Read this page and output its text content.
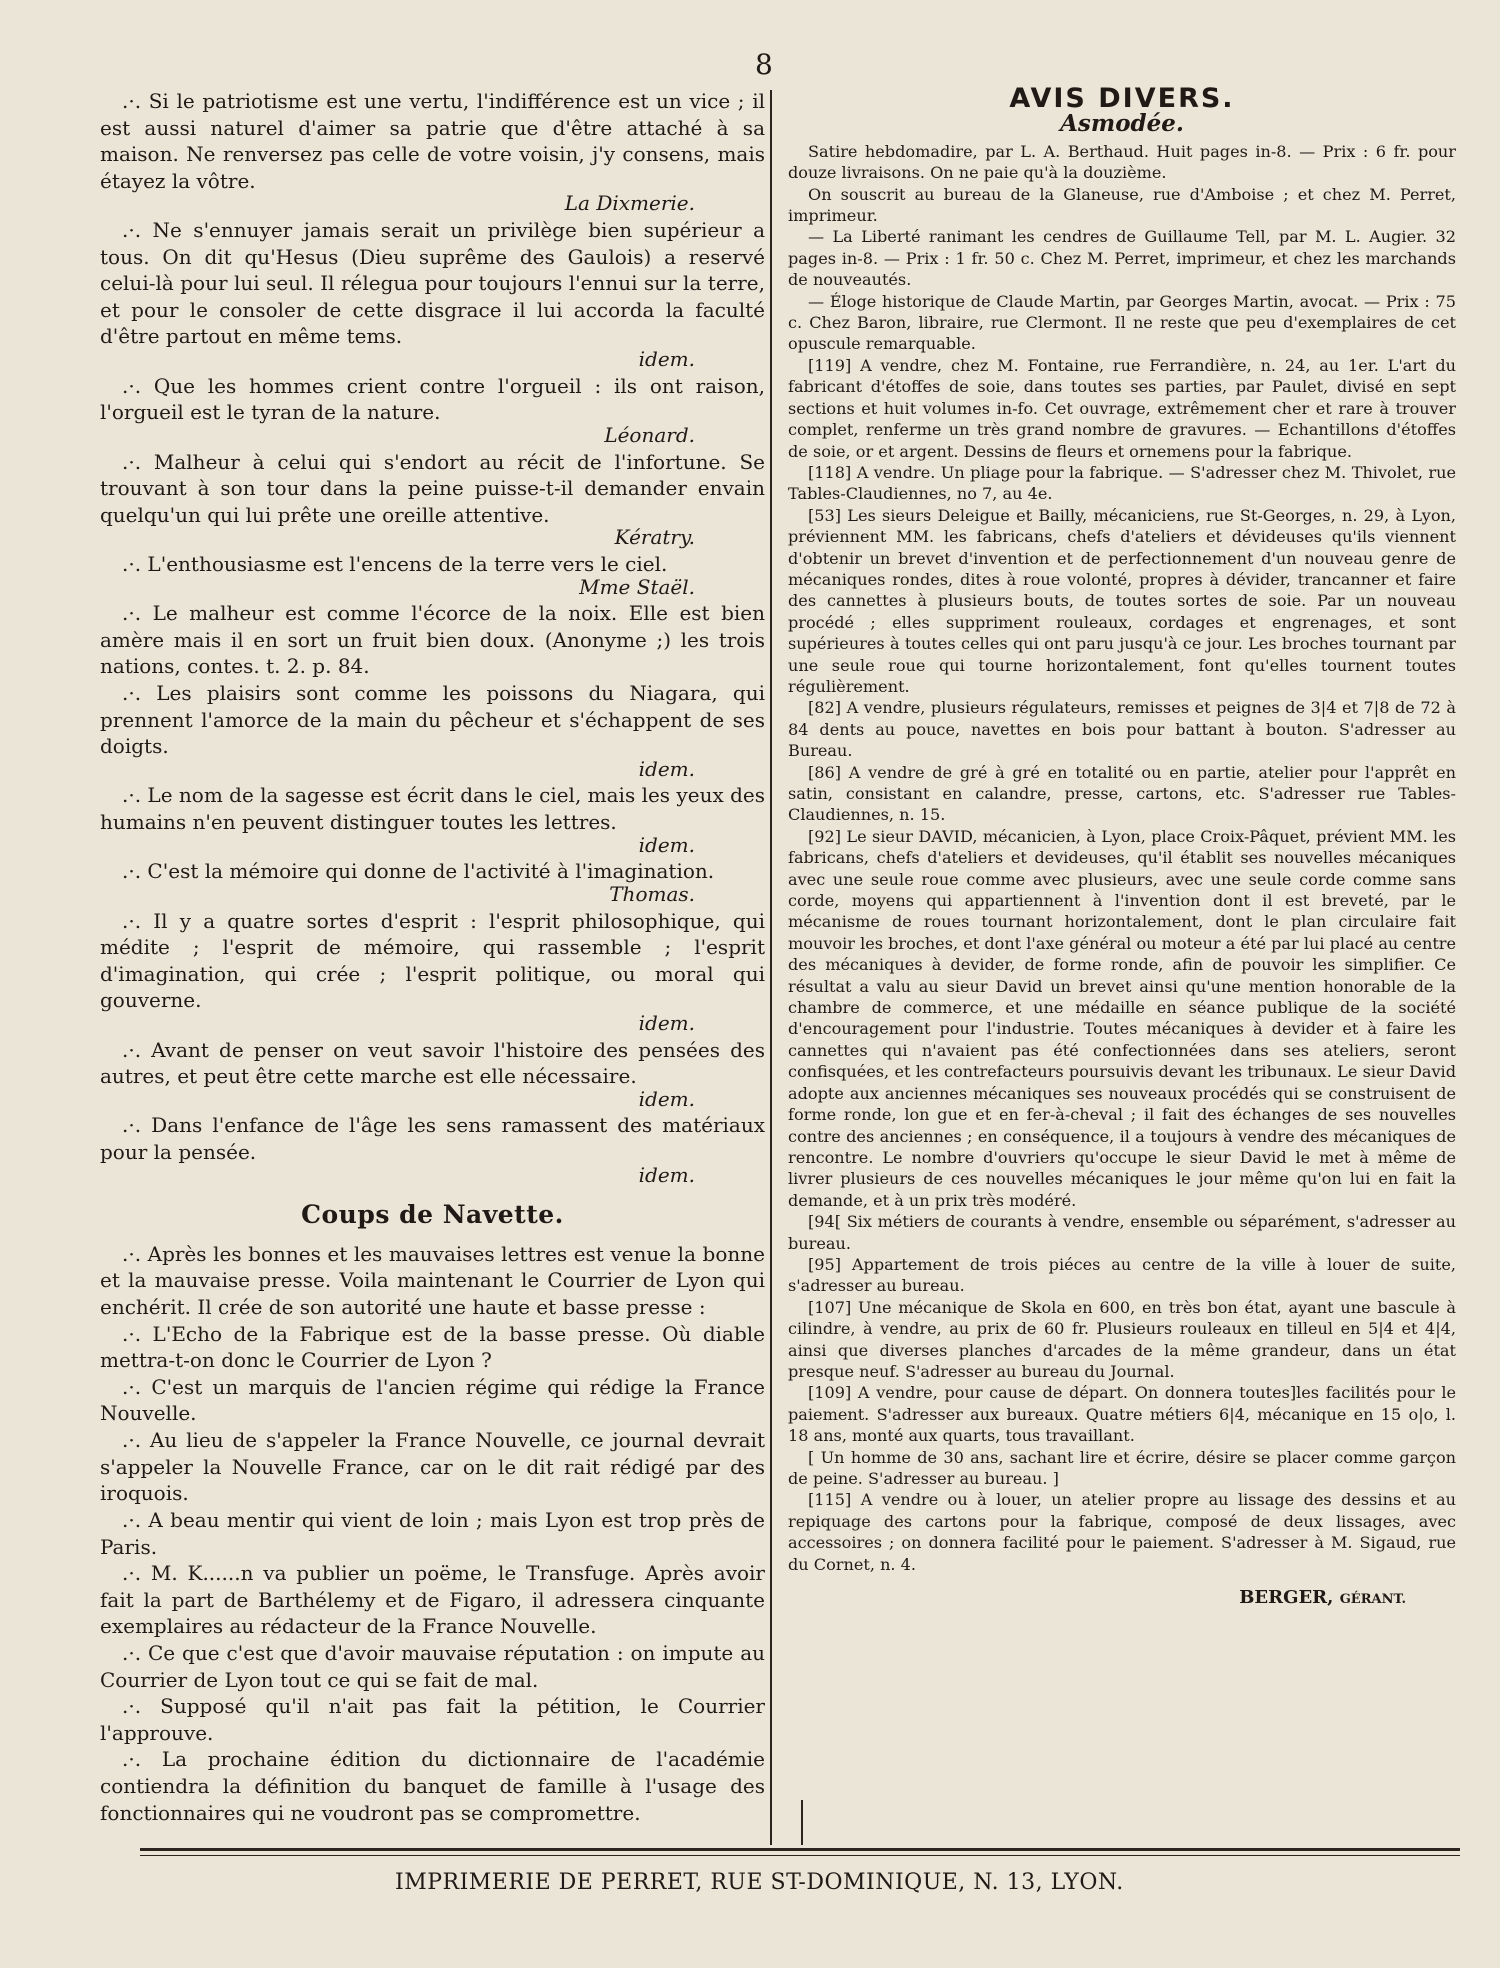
8

.·. Si le patriotisme est une vertu, l'indifférence est un vice ; il est aussi naturel d'aimer sa patrie que d'être attaché à sa maison. Ne renversez pas celle de votre voisin, j'y consens, mais étayez la vôtre.

La Dixmerie.

.·. Ne s'ennuyer jamais serait un privilège bien supérieur a tous. On dit qu'Hesus (Dieu suprême des Gaulois) a reservé celui-là pour lui seul. Il rélegua pour toujours l'ennui sur la terre, et pour le consoler de cette disgrace il lui accorda la faculté d'être partout en même tems.

idem.

.·. Que les hommes crient contre l'orgueil : ils ont raison, l'orgueil est le tyran de la nature.

Léonard.

.·. Malheur à celui qui s'endort au récit de l'infortune. Se trouvant à son tour dans la peine puisse-t-il demander envain quelqu'un qui lui prête une oreille attentive.

Kératry.

.·. L'enthousiasme est l'encens de la terre vers le ciel.

Mme Staël.

.·. Le malheur est comme l'écorce de la noix. Elle est bien amère mais il en sort un fruit bien doux. (Anonyme ;) les trois nations, contes. t. 2. p. 84.

.·. Les plaisirs sont comme les poissons du Niagara, qui prennent l'amorce de la main du pêcheur et s'échappent de ses doigts.

idem.

.·. Le nom de la sagesse est écrit dans le ciel, mais les yeux des humains n'en peuvent distinguer toutes les lettres.

idem.

.·. C'est la mémoire qui donne de l'activité à l'imagination.

Thomas.

.·. Il y a quatre sortes d'esprit : l'esprit philosophique, qui médite ; l'esprit de mémoire, qui rassemble ; l'esprit d'imagination, qui crée ; l'esprit politique, ou moral qui gouverne.

idem.

.·. Avant de penser on veut savoir l'histoire des pensées des autres, et peut être cette marche est elle nécessaire.

idem.

.·. Dans l'enfance de l'âge les sens ramassent des matériaux pour la pensée.

idem.

Coups de Navette.

.·. Après les bonnes et les mauvaises lettres est venue la bonne et la mauvaise presse. Voila maintenant le Courrier de Lyon qui enchérit. Il crée de son autorité une haute et basse presse :

.·. L'Echo de la Fabrique est de la basse presse. Où diable mettra-t-on donc le Courrier de Lyon ?

.·. C'est un marquis de l'ancien régime qui rédige la France Nouvelle.

.·. Au lieu de s'appeler la France Nouvelle, ce journal devrait s'appeler la Nouvelle France, car on le dit rait rédigé par des iroquois.

.·. A beau mentir qui vient de loin ; mais Lyon est trop près de Paris.

.·. M. K......n va publier un poëme, le Transfuge. Après avoir fait la part de Barthélemy et de Figaro, il adressera cinquante exemplaires au rédacteur de la France Nouvelle.

.·. Ce que c'est que d'avoir mauvaise réputation : on impute au Courrier de Lyon tout ce qui se fait de mal.

.·. Supposé qu'il n'ait pas fait la pétition, le Courrier l'approuve.

.·. La prochaine édition du dictionnaire de l'académie contiendra la définition du banquet de famille à l'usage des fonctionnaires qui ne voudront pas se compromettre.

AVIS DIVERS.
Asmodée.

Satire hebdomadire, par L. A. Berthaud. Huit pages in-8. — Prix : 6 fr. pour douze livraisons. On ne paie qu'à la douzième.

On souscrit au bureau de la Glaneuse, rue d'Amboise ; et chez M. Perret, imprimeur.

— La Liberté ranimant les cendres de Guillaume Tell, par M. L. Augier. 32 pages in-8. — Prix : 1 fr. 50 c. Chez M. Perret, imprimeur, et chez les marchands de nouveautés.

— Éloge historique de Claude Martin, par Georges Martin, avocat. — Prix : 75 c. Chez Baron, libraire, rue Clermont. Il ne reste que peu d'exemplaires de cet opuscule remarquable.

[119] A vendre, chez M. Fontaine, rue Ferrandière, n. 24, au 1er. L'art du fabricant d'étoffes de soie, dans toutes ses parties, par Paulet, divisé en sept sections et huit volumes in-fo. Cet ouvrage, extrêmement cher et rare à trouver complet, renferme un très grand nombre de gravures. — Echantillons d'étoffes de soie, or et argent. Dessins de fleurs et ornemens pour la fabrique.

[118] A vendre. Un pliage pour la fabrique. — S'adresser chez M. Thivolet, rue Tables-Claudiennes, no 7, au 4e.

[53] Les sieurs Deleigue et Bailly, mécaniciens, rue St-Georges, n. 29, à Lyon, préviennent MM. les fabricans, chefs d'ateliers et dévideuses qu'ils viennent d'obtenir un brevet d'invention et de perfectionnement d'un nouveau genre de mécaniques rondes, dites à roue volonté, propres à dévider, trancanner et faire des cannettes à plusieurs bouts, de toutes sortes de soie. Par un nouveau procédé ; elles suppriment rouleaux, cordages et engrenages, et sont supérieures à toutes celles qui ont paru jusqu'à ce jour. Les broches tournant par une seule roue qui tourne horizontalement, font qu'elles tournent toutes régulièrement.

[82] A vendre, plusieurs régulateurs, remisses et peignes de 3|4 et 7|8 de 72 à 84 dents au pouce, navettes en bois pour battant à bouton. S'adresser au Bureau.

[86] A vendre de gré à gré en totalité ou en partie, atelier pour l'apprêt en satin, consistant en calandre, presse, cartons, etc. S'adresser rue Tables-Claudiennes, n. 15.

[92] Le sieur DAVID, mécanicien, à Lyon, place Croix-Pâquet, prévient MM. les fabricans, chefs d'ateliers et devideuses, qu'il établit ses nouvelles mécaniques avec une seule roue comme avec plusieurs, avec une seule corde comme sans corde, moyens qui appartiennent à l'invention dont il est breveté, par le mécanisme de roues tournant horizontalement, dont le plan circulaire fait mouvoir les broches, et dont l'axe général ou moteur a été par lui placé au centre des mécaniques à devider, de forme ronde, afin de pouvoir les simplifier. Ce résultat a valu au sieur David un brevet ainsi qu'une mention honorable de la chambre de commerce, et une médaille en séance publique de la société d'encouragement pour l'industrie. Toutes mécaniques à devider et à faire les cannettes qui n'avaient pas été confectionnées dans ses ateliers, seront confisquées, et les contrefacteurs poursuivis devant les tribunaux. Le sieur David adopte aux anciennes mécaniques ses nouveaux procédés qui se construisent de forme ronde, lon gue et en fer-à-cheval ; il fait des échanges de ses nouvelles contre des anciennes ; en conséquence, il a toujours à vendre des mécaniques de rencontre. Le nombre d'ouvriers qu'occupe le sieur David le met à même de livrer plusieurs de ces nouvelles mécaniques le jour même qu'on lui en fait la demande, et à un prix très modéré.

[94[ Six métiers de courants à vendre, ensemble ou séparément, s'adresser au bureau.

[95] Appartement de trois piéces au centre de la ville à louer de suite, s'adresser au bureau.

[107] Une mécanique de Skola en 600, en très bon état, ayant une bascule à cilindre, à vendre, au prix de 60 fr. Plusieurs rouleaux en tilleul en 5|4 et 4|4, ainsi que diverses planches d'arcades de la même grandeur, dans un état presque neuf. S'adresser au bureau du Journal.

[109] A vendre, pour cause de départ. On donnera toutes]les facilités pour le paiement. S'adresser aux bureaux. Quatre métiers 6|4, mécanique en 15 o|o, l. 18 ans, monté aux quarts, tous travaillant.

[ Un homme de 30 ans, sachant lire et écrire, désire se placer comme garçon de peine. S'adresser au bureau. ]

[115] A vendre ou à louer, un atelier propre au lissage des dessins et au repiquage des cartons pour la fabrique, composé de deux lissages, avec accessoires ; on donnera facilité pour le paiement. S'adresser à M. Sigaud, rue du Cornet, n. 4.

BERGER, GÉRANT.
IMPRIMERIE DE PERRET, RUE ST-DOMINIQUE, N. 13, LYON.
